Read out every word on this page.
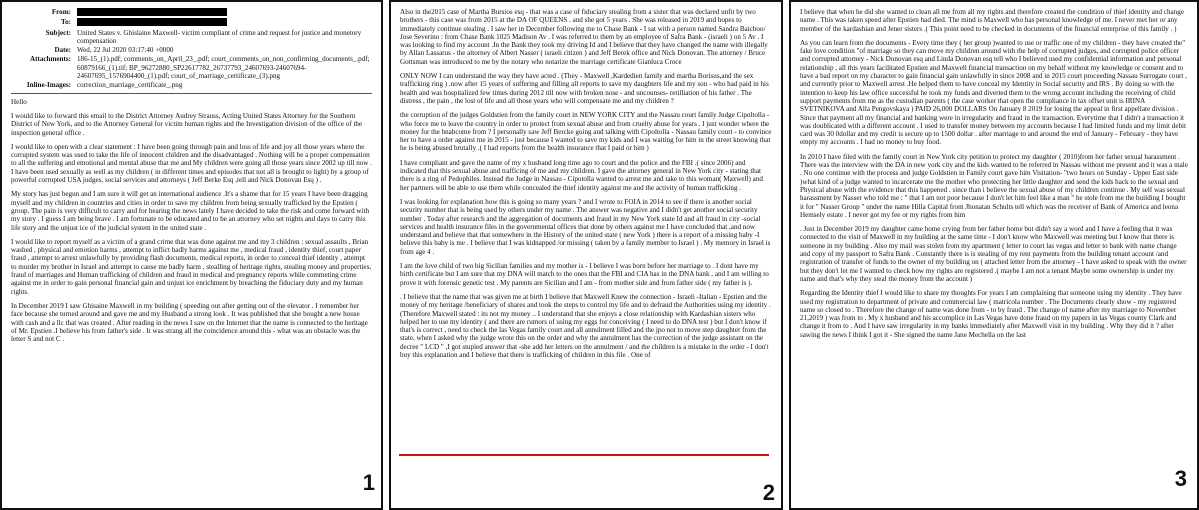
From:
To:
Subject: United States v. Ghislaine Maxwell- victim compliant of crime and request for justice and monetory compensation
Date: Wed, 22 Jul 2020 03:17:40 +0000
Attachments: 186-15_(1).pdf; comments_on_April_23_.pdf; court_comments_on_non_confirming_documents_.pdf; 60879166_(1).tif; BP_96272880_SP22617782_26737793_24607693-24607694-24607695_1576904400_(1).pdf; court_of_marriage_certificate_(3).png
Inline-Images: correction_marriage_certificate_.png

Hello

I would like to forward this email to the District Attorney Audrey Strauss, Acting United States Attorney for the Southern District of New York, and to the Attorney General for victim human rights and the Investigation division of the office of the inspection general office .

I would like to open with a clear statement : I have been going through pain and loss of life and joy all those years where the corrupted system was used to take the life of innocent children and the disadvantaged . Nothing will be a proper compensation to all the suffering and emotional and mental abuse that me and My children were going all those years since 2002 up till now . I have been used sexually as well as my children ( in different times and episodes that not all is brought to light) by a group of powerful corrupted USA judges, social services and attorneys ( Jeff Berke Esq ,tell and Nick Donovan Esq ) .

My story has just begun and I am sure it will get an international audience .It's a shame that for 15 years I have been dragging myself and my children in countries and cities in order to save my children from being sexually trafficked by the Epstien ( group. The pain is very difficult to carry and for hearing the news lately I have decided to take the risk and come forward with my story . I guess I am being brave . I am fortunate to be educated and to be an attorney who set nights and days to carry this life story and the unjust ice of the judicial system in the united state .

I would like to report myself as a victim of a grand crime that was done against me and my 3 children : sexual assaults , Brian washed , physical and emotion harms , attempt to inflict badly harms against me , medical fraud , identity thief, court paper fraud , attempt to arrest unlawfully by providing flash documents, medical reports, in order to conceal thief identity , attempt to murder my brother in Israel and attempt to cause me badly harm , stealling of heritage rights, stealing money and properties, fraud of marriages and Human trafficking of children and fraud in medical and pregnancy reports while commeting crime against me in order to gain personal financial gain and unjust ice enrichment by breaching the fiduciary duty and my human rights.

In December 2019 I saw Ghisaine Maxwell in my building ( speeding out after getting out of the elevator . I remember her face because she turned around and gave me and my Husband a strong look . It was published that she bought a new house with cash and a llc that was created . After reading in the news I saw on the Internet that the name is connected to the heritage of Mr. Epstien .I believe his from father's side . It was strang all the coincidence around this - what was an obstacle was the letter S and not C .

1

Also in the2015 case of Martha Bursios esq - that was a case of fiduciary stealing from a sister that was declared unfit by two brothers - this case was from 2015 at the DA OF QUEENS . and she got 5 years . She was released in 2019 and hopes to immediately continue stealing . I saw her in December following me to Chase Bank - I sat with a person named Sandra Baichoo/ Jose Severino : from Chase Bank 1025 Madison Av . I was referred to them by an employee of Safra Bank - (israeli ) on 5 Av . I was looking to find my account .In the Bank they took my driving Id and I believe that they have changed the name with illegally by Allan Lassarus - the attorney of Albert Nasser ( israeli citizen ) and Jeff Berek office and Nick Donovan. The attorney / Bruce Gottsman was introduced to me by the notary who notarize the marriage certificate Gianluca Croce

ONLY NOW I can understand the way they have acted . (They - Maxwell ,Kardedien family and martha Borisus,and the sex trafficking ring ) .now after 15 years of suffering and filling all reports to save my daughters life and my son - who had paid in his health and was hospitalized few times during 2012 till now with broken nose - and uncounses- retilliation of his father . The distress , the pain , the lost of life and all those years who will compensate me and my children ?

the corruption of the judges Goldstien from the family court in NEW YORK CITY and the Nassau court family Judge Cipoltolla - who force me to leave the country in order to protect from sexual abuse and from cruelty abuse for years . I just wonder where the money for the bnabcome from ? I personally saw Jeff Bercke going and talking with Cipoltolla - Nassau family court - to convince her to have a order against me in 2015 - just because I wanted to save my kids and I was waiting for him in the street knowing that he is being abused brutally .( I had reports from the health insurance that I paid or him )

I have compliant and gave the name of my x husband long time ago to court and the police and the FBI .( since 2006) and indicated that this sexual abuse and trafficing of me and my children. I gave the attorney general in New York city - stating that there is a ring of Pedophiles. Instead the Judge in Nassau - Cipotolla wanted to arrest me and take to this woman( Maxwell) and her partners will be able to use them while concealed the thief identity against me and the activity of human trafficking .

I was looking for explanation how this is going so many years ? and I wrote to FOIA in 2014 to see if there is another social security number that is being used by others under my name . The answer was negative and I didn't get another social security number . Today after research and the aggregation of documents and fraud in my New York state Id and all fraud in city -social services and health insurance files in the governmental offices that done by others against me I have concluded that ,and now understand and believe that that somewhere in the History of the united state ( new York ) there is a report of a missing baby -I believe this baby is me . I believe that I was kidnapped /or missing ( taken by a family member to Israel ) . My memory in Israel is from age 4 .

I am the love child of two big Sicilian families and my mother is - I believe I was born before her marriage to . I dont have my birth certificate but I am sure that my DNA will match to the ones that the FBI and CIA has in the DNA bank , and I am willing to prove it with forensic genetic test . My parents are Sicilian and I am - from mother side and from father side ( my father is ).

. I believe that the name that was given me at birth I believe that Maxwell Knew the connection - Israeli -Italian - Epstien and the money of my heritage /beneficiary of shares and took the steps to control my life and to defraud the Authorities using my identity . (Therefore Maxwell stated : its not my money .. I understand that she enjoys a close relationship with Kardashian sisters who helped her to use my identity ( and there are rumors of using my eggs for conceiving ( I need to do DNA test ) but I don't know if that's is correct , need to check the las Vegas family court and all annulment filled and the jpo not to move step daughter from the state, when I asked why the judge wrote this on the order and why the annulment has the correction of the judge assistant on the decree " LCD " ,I got stupied answer that -she add her letters on the annulment / and the children is a mistake in the order - I don't buy this explanation and I believe that there is trafficking of children in this file . One of

2

I believe that when he did she wanted to clean all me from all my rights and therefore created the condition of thief identity and change name . This was taken speed after Epstien had died. The mind is Maxwell who has personal knowledge of me. I never met her or any member of the kardashian and Jener sisters .( This point need to be checked in documents of the financial enterprise of this family . )

As you can learn from the documents - Every time they ( her group )wanted to use or traffic one of my children - they have created the" fake love condition "of marriage so they can move my children around with the help of corrupted judges, and corrupted police officer and corrupted attorney - Nick Donovan esq and Linda Donovan esq tell who I believed used my confidential information and personal relationship , all this years facilitated Epstien and Maxwell financial transaction on my behalf without my knowledge or consent and to have a bad report on my character to gain financial gain unlawfully in since 2008 and in 2015 court proceeding Nassau Surrogate court , and currently prior to Maxwell arrest .He helped them to have conceal my Identity in Social security and IRS . By doing so with the intention to keep his law office successful he took my funds and diverted them to the wrong account including the receiving of child support payments from me as the custodian parents ( the case worker that open the compliance in tax offset unit is IRINA SVETNIKOVA and Alla Pengovskaya ) PAID 26,000 DOLLARS On January 8 2019 for losing the appeal in first appellate division . Since that payment all my financial and banking were in irregularity and fraud in the transaction. Everytime that I didn't a transaction it was doublicated with a different account . I used to transfer money between my accounts because I had limited funds and my limit debit card was 30 0dollar and my credit is secure up to 1500 dollar . after marriage to and around the end of January - February - they have empty my accounts . I had no money to buy food.

In 2010 I have filed with the family court in New York city petition to protect my daughter ( 2010)from her father sexual harassment . There was the interview with the DA in new york city and the kids wanted to be referred in Nassau without me present and it was a male . No one continue with the process and judge Goldstien in Family court gave him Visitation- "two hours on Sunday - Upper East side )what kind of a judge wanted to incarcerate me the mother who protecting her little daughter and send the kids back to the sexual and Physical abuse with the evidence that this happened . since than i believe the sexual abuse of my children continue . My self was sexual harassment by Nasser who told me : " that I am not poor because I don't let him feel like a man " he stole from me the building I bought it for " Nasser Group " under the name Hilla Capital from Jhonatan Schults tell which was the receiver of Bank of America and leona Hemsely estate . I never got my fee or my rights from him

. Just in December 2019 my daughter came home crying from her father home but didn't say a word and I have a feeling that it was connected to the visit of Maxwell in my building at the same time - I don't know who Maxwell was meeting but I know that there is someone in my building . Also my mail was stolen from my apartment ( letter to court las vegas and letter to bank with name change and copy of my passport to Safra Bank . Constantly there is is stealing of my rent payments from the building tenant account /and registration of transfer of funds to the owner of my building on ( attached letter from the attorney - I have asked to speak with the owner but they don't let me I wanted to check how my rights are registered .( maybe I am not a tenant Maybe some ownership is under my name and that's why they steal the money from the account )

Regarding the Identity thief I would like to share my thoughts For years I am complaining that someone using my identity . They have used my registration to department of private and commercial law ( matricola number . The Documents clearly show - my registered name so closed to . Therefore the change of name was done from - to by fraud . The change of name after my marriage to November 21,2019 ) was from to . My x husband and his accomplice in Las Vegas have done fraud on my papers in las Vegas county Clark and change it from to . And I have saw irregularity in my banks immediately after Maxwell visit in my building . Why they did it ? after sawing the news I think I got it - She signed the name Jane Mechella on the last

3
